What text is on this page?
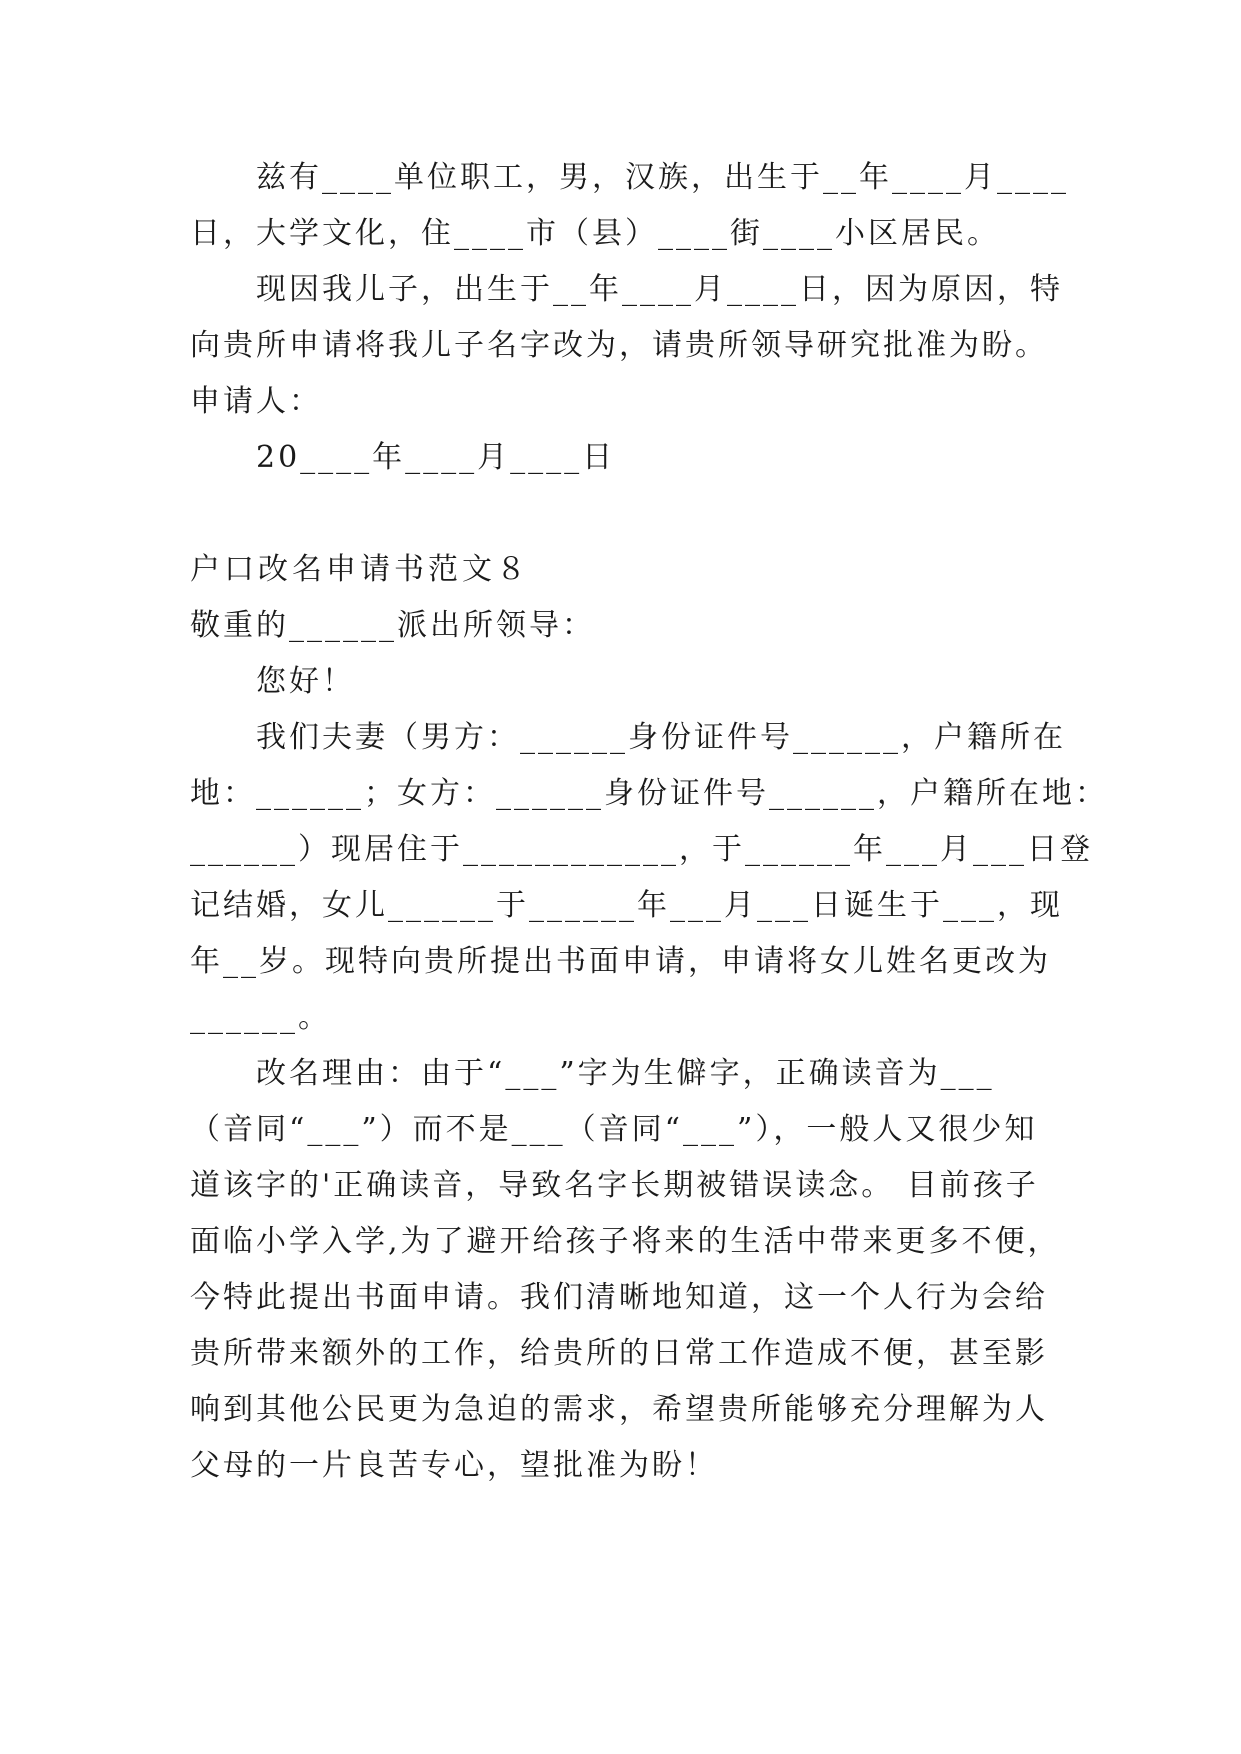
兹有____单位职工，男，汉族，出生于__年____月____
日，大学文化，住____市（县）____街____小区居民。
现因我儿子，出生于__年____月____日，因为原因，特
向贵所申请将我儿子名字改为，请贵所领导研究批准为盼。
申请人：
20____年____月____日
户口改名申请书范文８
敬重的______派出所领导：
您好！
我们夫妻（男方：______身份证件号______，户籍所在
地：______；女方：______身份证件号______，户籍所在地：
______）现居住于____________，于______年___月___日登
记结婚，女儿______于______年___月___日诞生于___，现
年__岁。现特向贵所提出书面申请，申请将女儿姓名更改为
______。
改名理由：由于“___”字为生僻字，正确读音为___
（音同“___”）而不是___（音同“___”），一般人又很少知
道该字的'正确读音，导致名字长期被错误读念。 目前孩子
面临小学入学,为了避开给孩子将来的生活中带来更多不便，
今特此提出书面申请。我们清晰地知道，这一个人行为会给
贵所带来额外的工作，给贵所的日常工作造成不便，甚至影
响到其他公民更为急迫的需求，希望贵所能够充分理解为人
父母的一片良苦专心，望批准为盼！
